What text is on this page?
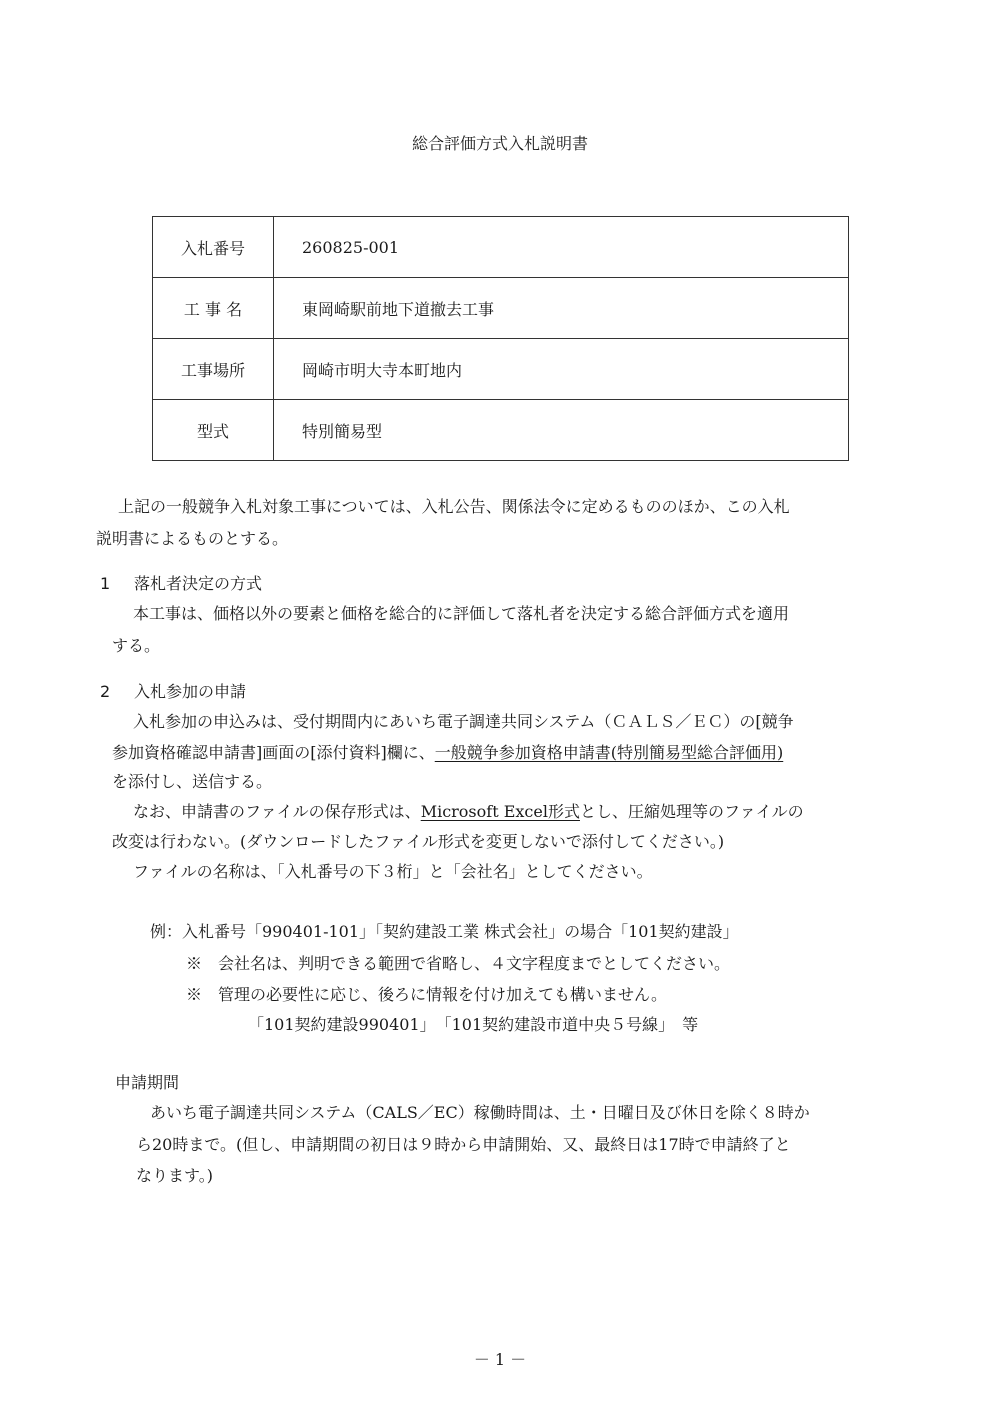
総合評価方式入札説明書
入札番号	260825-001
工 事 名	東岡崎駅前地下道撤去工事
工事場所	岡崎市明大寺本町地内
型式	特別簡易型

上記の一般競争入札対象工事については、入札公告、関係法令に定めるもののほか、この入札

説明書によるものとする。

1 落札者決定の方式

本工事は、価格以外の要素と価格を総合的に評価して落札者を決定する総合評価方式を適用

する。

2 入札参加の申請

入札参加の申込みは、受付期間内にあいち電子調達共同システム（ＣＡＬＳ／ＥＣ）の[競争

参加資格確認申請書]画面の[添付資料]欄に、一般競争参加資格申請書(特別簡易型総合評価用)

を添付し、送信する。

なお、申請書のファイルの保存形式は、Microsoft Excel形式とし、圧縮処理等のファイルの

改変は行わない。(ダウンロードしたファイル形式を変更しないで添付してください。)

ファイルの名称は、「入札番号の下３桁」と「会社名」としてください。

例：入札番号「990401-101」「契約建設工業 株式会社」の場合「101契約建設」

※　会社名は、判明できる範囲で省略し、４文字程度までとしてください。

※　管理の必要性に応じ、後ろに情報を付け加えても構いません。

「101契約建設990401」　「101契約建設市道中央５号線」　等

申請期間

あいち電子調達共同システム（CALS／EC）稼働時間は、土・日曜日及び休日を除く８時か

ら20時まで。(但し、申請期間の初日は９時から申請開始、又、最終日は17時で申請終了と

なります。)

－ 1 －
